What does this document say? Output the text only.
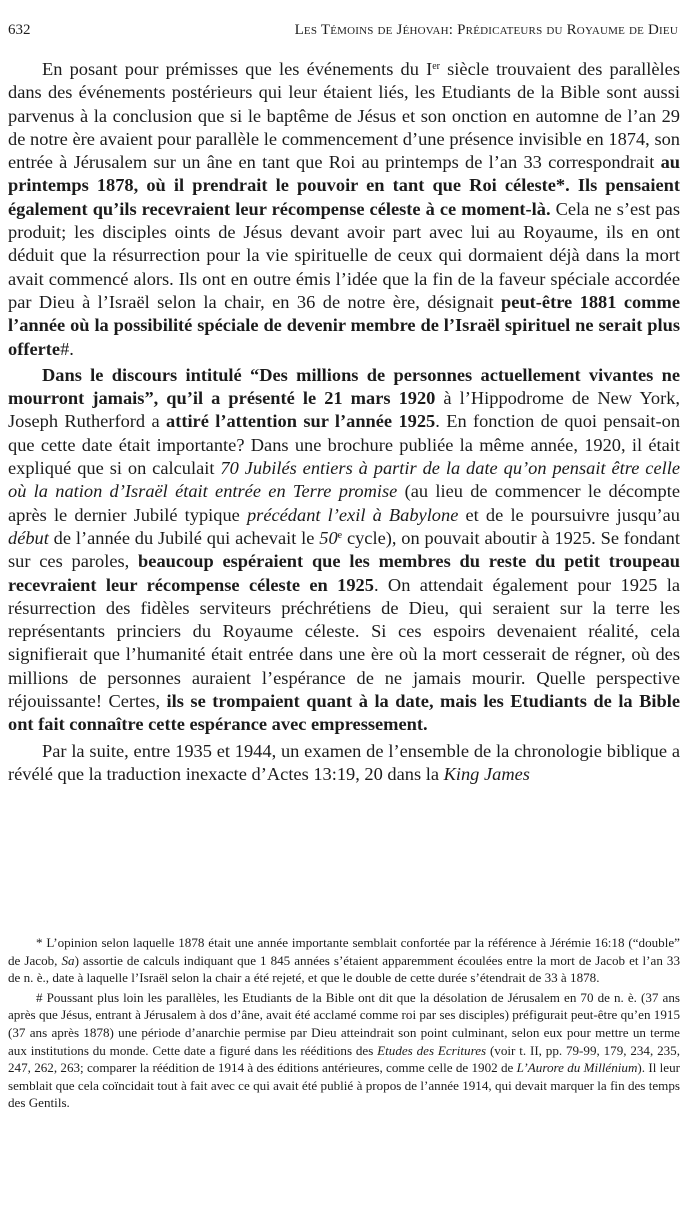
632	Les Témoins de Jéhovah: Prédicateurs du Royaume de Dieu

En posant pour prémisses que les événements du Ier siècle trouvaient des parallèles dans des événements postérieurs qui leur étaient liés, les Etudiants de la Bible sont aussi parvenus à la conclusion que si le baptême de Jésus et son onction en automne de l’an 29 de notre ère avaient pour parallèle le commencement d’une présence invisible en 1874, son entrée à Jérusalem sur un âne en tant que Roi au printemps de l’an 33 correspondrait au printemps 1878, où il prendrait le pouvoir en tant que Roi céleste*. Ils pensaient également qu’ils recevraient leur récompense céleste à ce moment-là. Cela ne s’est pas produit; les disciples oints de Jésus devant avoir part avec lui au Royaume, ils en ont déduit que la résurrection pour la vie spirituelle de ceux qui dormaient déjà dans la mort avait commencé alors. Ils ont en outre émis l’idée que la fin de la faveur spéciale accordée par Dieu à l’Israël selon la chair, en 36 de notre ère, désignait peut-être 1881 comme l’année où la possibilité spéciale de devenir membre de l’Israël spirituel ne serait plus offerte#.

Dans le discours intitulé “Des millions de personnes actuellement vivantes ne mourront jamais”, qu’il a présenté le 21 mars 1920 à l’Hippodrome de New York, Joseph Rutherford a attiré l’attention sur l’année 1925. En fonction de quoi pensait-on que cette date était importante? Dans une brochure publiée la même année, 1920, il était expliqué que si on calculait 70 Jubilés entiers à partir de la date qu’on pensait être celle où la nation d’Israël était entrée en Terre promise (au lieu de commencer le décompte après le dernier Jubilé typique précédant l’exil à Babylone et de le poursuivre jusqu’au début de l’année du Jubilé qui achevait le 50e cycle), on pouvait aboutir à 1925. Se fondant sur ces paroles, beaucoup espéraient que les membres du reste du petit troupeau recevraient leur récompense céleste en 1925. On attendait également pour 1925 la résurrection des fidèles serviteurs préchrétiens de Dieu, qui seraient sur la terre les représentants princiers du Royaume céleste. Si ces espoirs devenaient réalité, cela signifierait que l’humanité était entrée dans une ère où la mort cesserait de régner, où des millions de personnes auraient l’espérance de ne jamais mourir. Quelle perspective réjouissante! Certes, ils se trompaient quant à la date, mais les Etudiants de la Bible ont fait connaître cette espérance avec empressement.

Par la suite, entre 1935 et 1944, un examen de l’ensemble de la chronologie biblique a révélé que la traduction inexacte d’Actes 13:19, 20 dans la King James

* L’opinion selon laquelle 1878 était une année importante semblait confortée par la référence à Jérémie 16:18 (“double” de Jacob, Sa) assortie de calculs indiquant que 1 845 années s’étaient apparemment écoulées entre la mort de Jacob et l’an 33 de n. è., date à laquelle l’Israël selon la chair a été rejeté, et que le double de cette durée s’étendrait de 33 à 1878.

# Poussant plus loin les parallèles, les Etudiants de la Bible ont dit que la désolation de Jérusalem en 70 de n. è. (37 ans après que Jésus, entrant à Jérusalem à dos d’âne, avait été acclamé comme roi par ses disciples) préfigurait peut-être qu’en 1915 (37 ans après 1878) une période d’anarchie permise par Dieu atteindrait son point culminant, selon eux pour mettre un terme aux institutions du monde. Cette date a figuré dans les rééditions des Etudes des Ecritures (voir t. II, pp. 79-99, 179, 234, 235, 247, 262, 263; comparer la réédition de 1914 à des éditions antérieures, comme celle de 1902 de L’Aurore du Millénium). Il leur semblait que cela coïncidait tout à fait avec ce qui avait été publié à propos de l’année 1914, qui devait marquer la fin des temps des Gentils.
